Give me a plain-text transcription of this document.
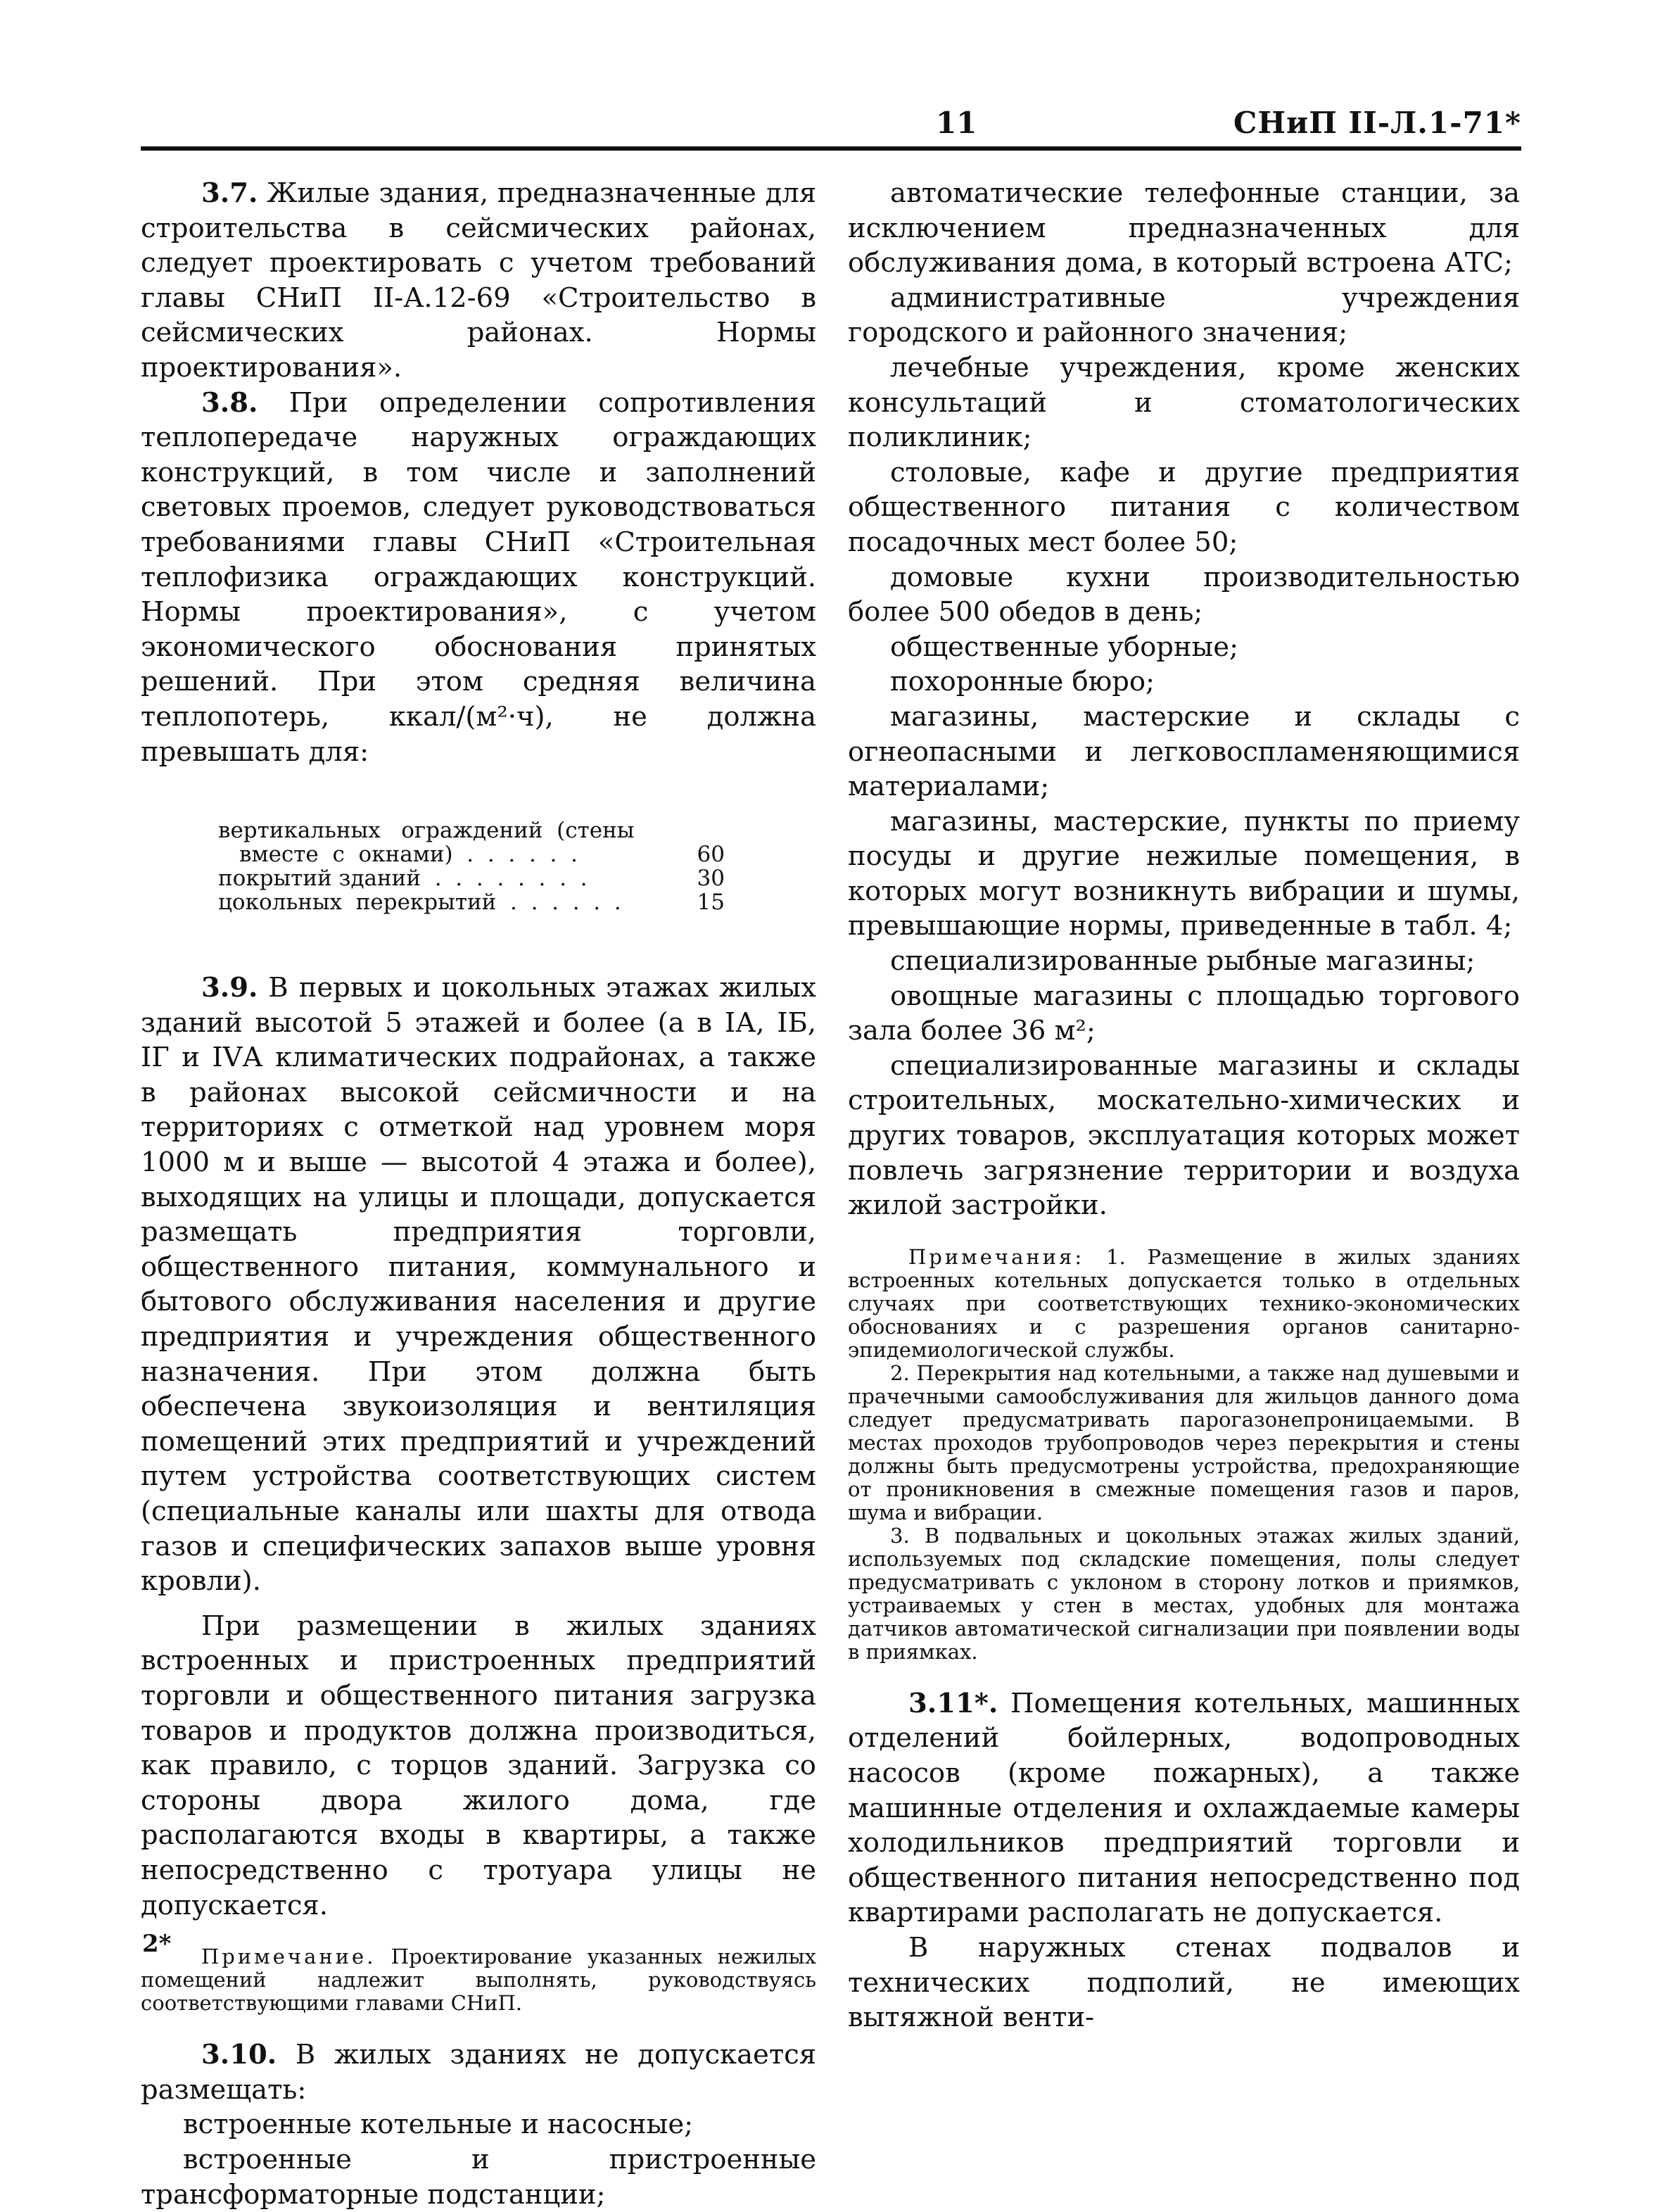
11	СНиП II-Л.1-71*

3.7. Жилые здания, предназначенные для строительства в сейсмических районах, следует проектировать с учетом требований главы СНиП II-А.12-69 «Строительство в сейсмических районах. Нормы проектирования».

3.8. При определении сопротивления теплопередаче наружных ограждающих конструкций, в том числе и заполнений световых проемов, следует руководствоваться требованиями главы СНиП «Строительная теплофизика ограждающих конструкций. Нормы проектирования», с учетом экономического обоснования принятых решений. При этом средняя величина теплопотерь, ккал/(м²·ч), не должна превышать для:

вертикальных   ограждений  (стены
вместе  с  окнами)  .  .  .  .  .  .	60
покрытий зданий  .  .  .  .  .  .  .  .	30
цокольных  перекрытий  .  .  .  .  .  .	15

3.9. В первых и цокольных этажах жилых зданий высотой 5 этажей и более (а в IА, IБ, IГ и IVА климатических подрайонах, а также в районах высокой сейсмичности и на территориях с отметкой над уровнем моря 1000 м и выше — высотой 4 этажа и более), выходящих на улицы и площади, допускается размещать предприятия торговли, общественного питания, коммунального и бытового обслуживания населения и другие предприятия и учреждения общественного назначения. При этом должна быть обеспечена звукоизоляция и вентиляция помещений этих предприятий и учреждений путем устройства соответствующих систем (специальные каналы или шахты для отвода газов и специфических запахов выше уровня кровли).

При размещении в жилых зданиях встроенных и пристроенных предприятий торговли и общественного питания загрузка товаров и продуктов должна производиться, как правило, с торцов зданий. Загрузка со стороны двора жилого дома, где располагаются входы в квартиры, а также непосредственно с тротуара улицы не допускается.

Примечание. Проектирование указанных нежилых помещений надлежит выполнять, руководствуясь соответствующими главами СНиП.

3.10. В жилых зданиях не допускается размещать:

встроенные котельные и насосные;

встроенные и пристроенные трансформаторные подстанции;

2*

автоматические телефонные станции, за исключением предназначенных для обслуживания дома, в который встроена АТС;

административные учреждения городского и районного значения;

лечебные учреждения, кроме женских консультаций и стоматологических поликлиник;

столовые, кафе и другие предприятия общественного питания с количеством посадочных мест более 50;

домовые кухни производительностью более 500 обедов в день;

общественные уборные;

похоронные бюро;

магазины, мастерские и склады с огнеопасными и легковоспламеняющимися материалами;

магазины, мастерские, пункты по приему посуды и другие нежилые помещения, в которых могут возникнуть вибрации и шумы, превышающие нормы, приведенные в табл. 4;

специализированные рыбные магазины;

овощные магазины с площадью торгового зала более 36 м²;

специализированные магазины и склады строительных, москательно-химических и других товаров, эксплуатация которых может повлечь загрязнение территории и воздуха жилой застройки.

Примечания: 1. Размещение в жилых зданиях встроенных котельных допускается только в отдельных случаях при соответствующих технико-экономических обоснованиях и с разрешения органов санитарно-эпидемиологической службы.

2. Перекрытия над котельными, а также над душевыми и прачечными самообслуживания для жильцов данного дома следует предусматривать парогазонепроницаемыми. В местах проходов трубопроводов через перекрытия и стены должны быть предусмотрены устройства, предохраняющие от проникновения в смежные помещения газов и паров, шума и вибрации.

3. В подвальных и цокольных этажах жилых зданий, используемых под складские помещения, полы следует предусматривать с уклоном в сторону лотков и приямков, устраиваемых у стен в местах, удобных для монтажа датчиков автоматической сигнализации при появлении воды в приямках.

3.11*. Помещения котельных, машинных отделений бойлерных, водопроводных насосов (кроме пожарных), а также машинные отделения и охлаждаемые камеры холодильников предприятий торговли и общественного питания непосредственно под квартирами располагать не допускается.

В наружных стенах подвалов и технических подполий, не имеющих вытяжной венти-
